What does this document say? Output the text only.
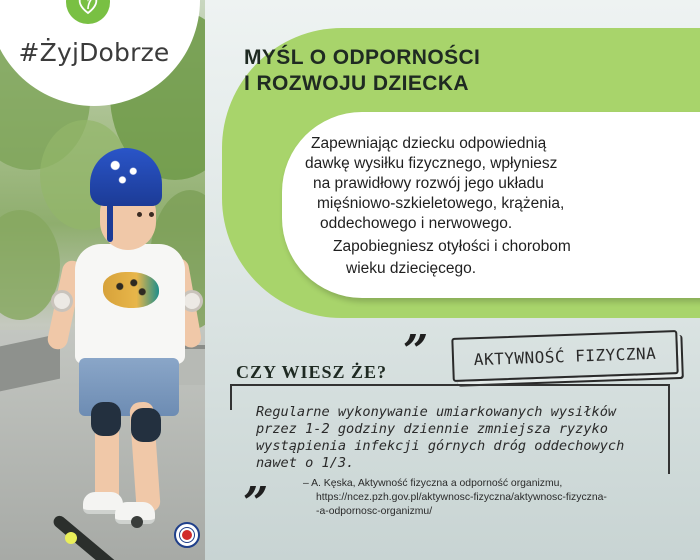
#ŻyjDobrze	MYŚL O ODPORNOŚCI
I ROZWOJU DZIECKA
Zapewniając dziecku odpowiednią
dawkę wysiłku fizycznego, wpłyniesz
na prawidłowy rozwój jego układu
mięśniowo-szkieletowego, krążenia,
oddechowego i nerwowego.
Zapobiegniesz otyłości i chorobom
wieku dziecięcego.
CZY WIESZ ŻE? ”	AKTYWNOŚĆ FIZYCZNA
Regularne wykonywanie umiarkowanych wysiłków
przez 1-2 godziny dziennie zmniejsza ryzyko
wystąpienia infekcji górnych dróg oddechowych
nawet o 1/3.
”	– A. Kęska, Aktywność fizyczna a odporność organizmu,
https://ncez.pzh.gov.pl/aktywnosc-fizyczna/aktywnosc-fizyczna-
-a-odpornosc-organizmu/
